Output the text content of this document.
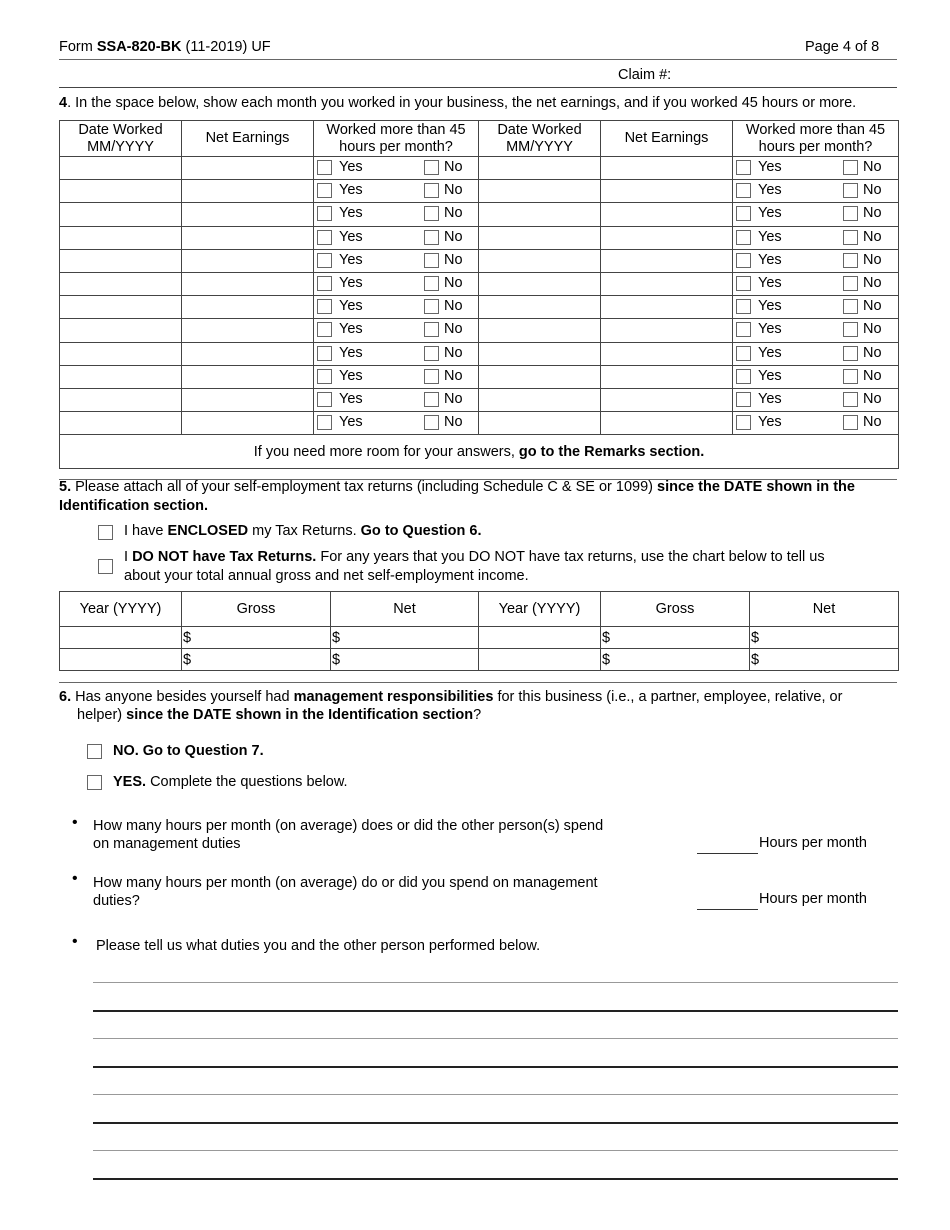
Form SSA-820-BK (11-2019) UF	Page 4 of 8
Claim #:
4. In the space below, show each month you worked in your business, the net earnings, and if you worked 45 hours or more.
Date Worked
MM/YYYY	Net Earnings	Worked more than 45
hours per month?	Date Worked
MM/YYYY	Net Earnings	Worked more than 45
hours per month?

		Yes No			Yes No

		Yes No			Yes No

		Yes No			Yes No

		Yes No			Yes No

		Yes No			Yes No

		Yes No			Yes No

		Yes No			Yes No

		Yes No			Yes No

		Yes No			Yes No

		Yes No			Yes No

		Yes No			Yes No

		Yes No			Yes No

If you need more room for your answers, go to the Remarks section.					
5. Please attach all of your self-employment tax returns (including Schedule C & SE or 1099) since the DATE shown in the Identification section.
I have ENCLOSED my Tax Returns. Go to Question 6.
I DO NOT have Tax Returns. For any years that you DO NOT have tax returns, use the chart below to tell us
about your total annual gross and net self-employment income.
Year (YYYY)	Gross	Net	Year (YYYY)	Gross	Net
	$	$		$	$
	$	$		$	$
6. Has anyone besides yourself had management responsibilities for this business (i.e., a partner, employee, relative, or
helper) since the DATE shown in the Identification section?
NO. Go to Question 7.
YES. Complete the questions below.
• How many hours per month (on average) does or did the other person(s) spend
on management duties	Hours per month
• How many hours per month (on average) do or did you spend on management
duties?	Hours per month
• Please tell us what duties you and the other person performed below.
